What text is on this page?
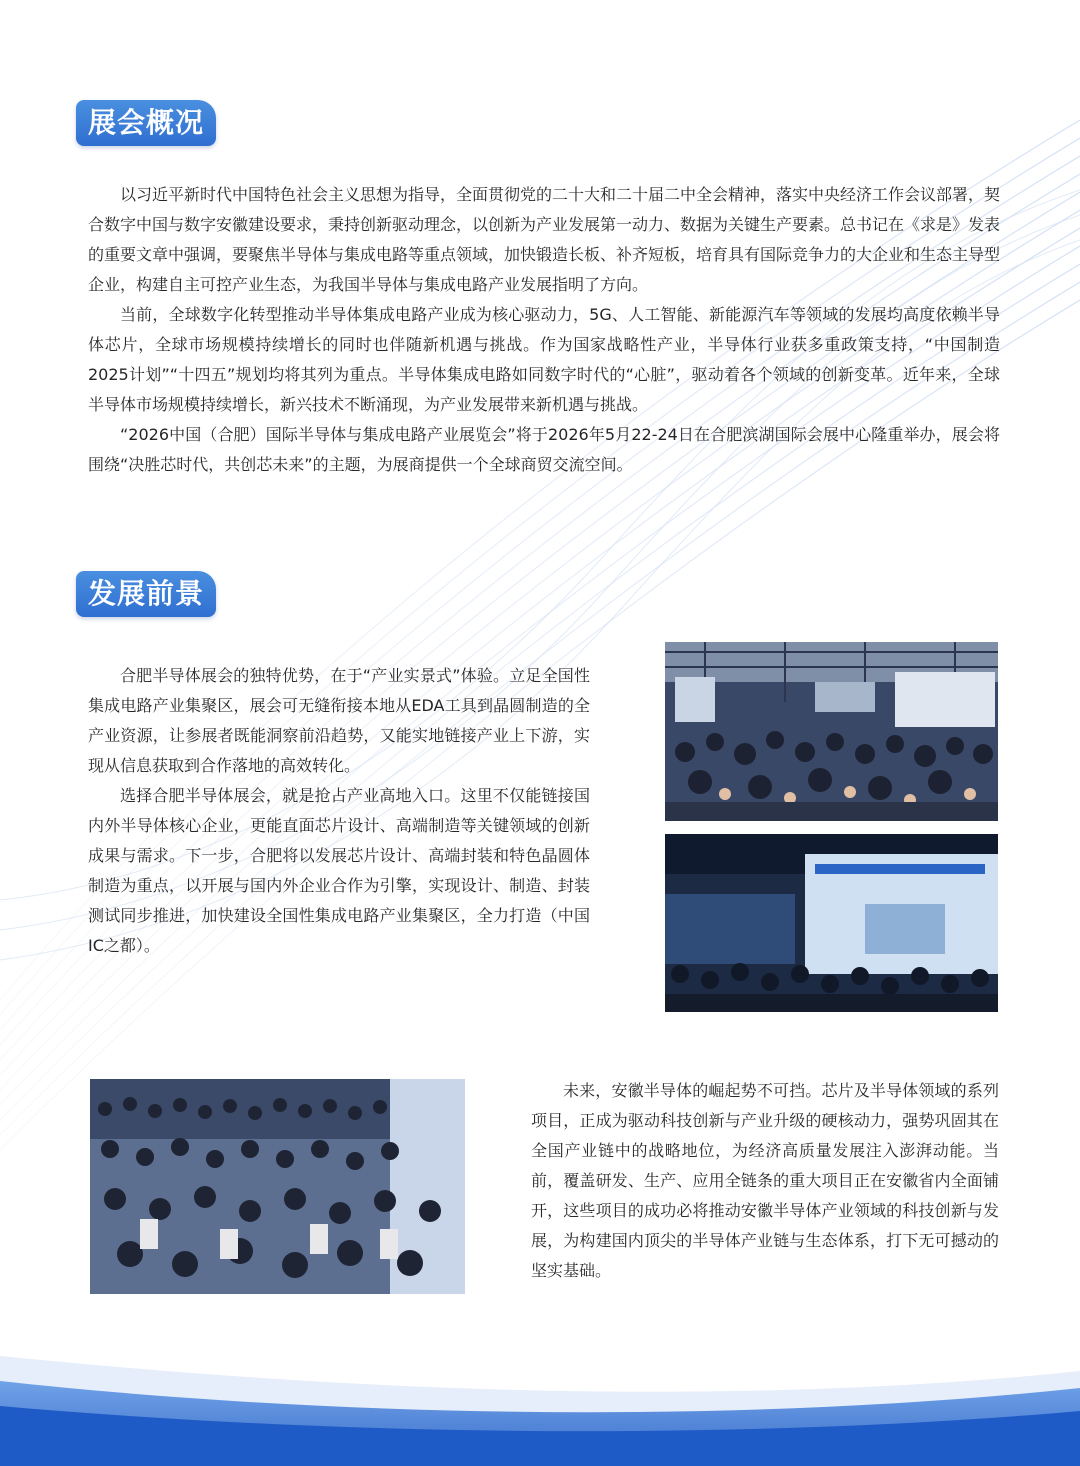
展会概况

以习近平新时代中国特色社会主义思想为指导，全面贯彻党的二十大和二十届二中全会精神，落实中央经济工作会议部署，契合数字中国与数字安徽建设要求，秉持创新驱动理念，以创新为产业发展第一动力、数据为关键生产要素。总书记在《求是》发表的重要文章中强调，要聚焦半导体与集成电路等重点领域，加快锻造长板、补齐短板，培育具有国际竞争力的大企业和生态主导型企业，构建自主可控产业生态，为我国半导体与集成电路产业发展指明了方向。

当前，全球数字化转型推动半导体集成电路产业成为核心驱动力，5G、人工智能、新能源汽车等领域的发展均高度依赖半导体芯片，全球市场规模持续增长的同时也伴随新机遇与挑战。作为国家战略性产业，半导体行业获多重政策支持，“中国制造2025计划”“十四五”规划均将其列为重点。半导体集成电路如同数字时代的“心脏”，驱动着各个领域的创新变革。近年来，全球半导体市场规模持续增长，新兴技术不断涌现，为产业发展带来新机遇与挑战。

“2026中国（合肥）国际半导体与集成电路产业展览会”将于2026年5月22-24日在合肥滨湖国际会展中心隆重举办，展会将围绕“决胜芯时代，共创芯未来”的主题，为展商提供一个全球商贸交流空间。

发展前景

合肥半导体展会的独特优势，在于“产业实景式”体验。立足全国性集成电路产业集聚区，展会可无缝衔接本地从EDA工具到晶圆制造的全产业资源，让参展者既能洞察前沿趋势，又能实地链接产业上下游，实现从信息获取到合作落地的高效转化。

选择合肥半导体展会，就是抢占产业高地入口。这里不仅能链接国内外半导体核心企业，更能直面芯片设计、高端制造等关键领域的创新成果与需求。下一步，合肥将以发展芯片设计、高端封装和特色晶圆体制造为重点，以开展与国内外企业合作为引擎，实现设计、制造、封装测试同步推进，加快建设全国性集成电路产业集聚区，全力打造（中国IC之都）。

未来，安徽半导体的崛起势不可挡。芯片及半导体领域的系列项目，正成为驱动科技创新与产业升级的硬核动力，强势巩固其在全国产业链中的战略地位，为经济高质量发展注入澎湃动能。当前，覆盖研发、生产、应用全链条的重大项目正在安徽省内全面铺开，这些项目的成功必将推动安徽半导体产业领域的科技创新与发展，为构建国内顶尖的半导体产业链与生态体系，打下无可撼动的坚实基础。
